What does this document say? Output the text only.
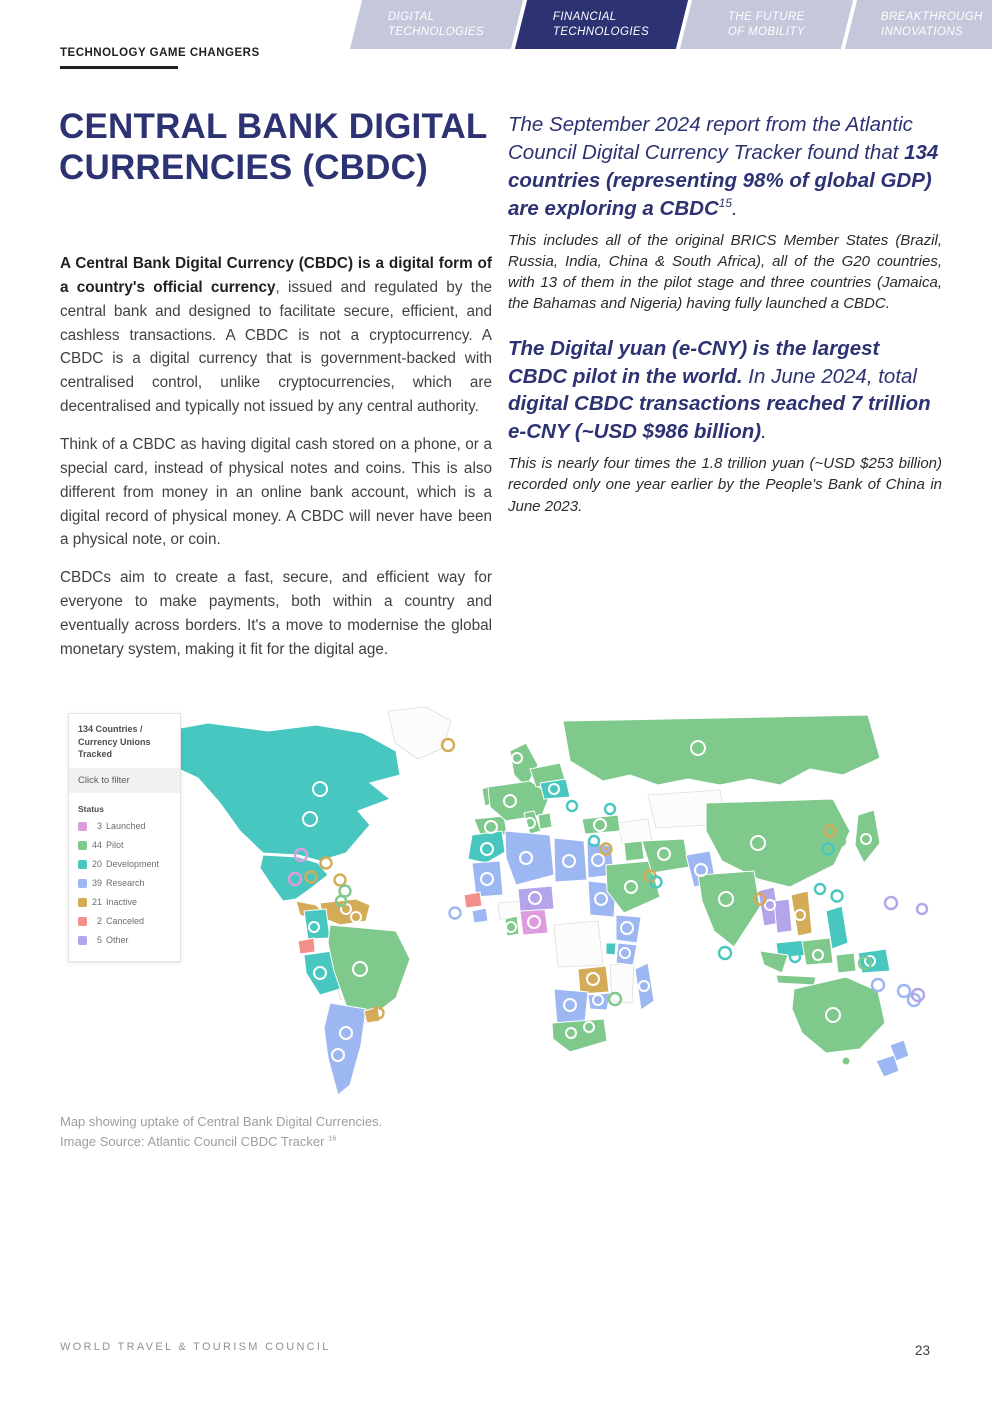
DIGITAL
TECHNOLOGIES
FINANCIAL
TECHNOLOGIES
THE FUTURE
OF MOBILITY
BREAKTHROUGH
INNOVATIONS
TECHNOLOGY GAME CHANGERS
CENTRAL BANK DIGITAL CURRENCIES (CBDC)

A Central Bank Digital Currency (CBDC) is a digital form of a country's official currency, issued and regulated by the central bank and designed to facilitate secure, efficient, and cashless transactions. A CBDC is not a cryptocurrency. A CBDC is a digital currency that is government-backed with centralised control, unlike cryptocurrencies, which are decentralised and typically not issued by any central authority.

Think of a CBDC as having digital cash stored on a phone, or a special card, instead of physical notes and coins. This is also different from money in an online bank account, which is a digital record of physical money. A CBDC will never have been a physical note, or coin.

CBDCs aim to create a fast, secure, and efficient way for everyone to make payments, both within a country and eventually across borders. It's a move to modernise the global monetary system, making it fit for the digital age.

The September 2024 report from the Atlantic Council Digital Currency Tracker found that 134 countries (representing 98% of global GDP) are exploring a CBDC$^{15}$.

This includes all of the original BRICS Member States (Brazil, Russia, India, China & South Africa), all of the G20 countries, with 13 of them in the pilot stage and three countries (Jamaica, the Bahamas and Nigeria) having fully launched a CBDC.

The Digital yuan (e-CNY) is the largest CBDC pilot in the world. In June 2024, total digital CBDC transactions reached 7 trillion e-CNY (~USD $986 billion).

This is nearly four times the 1.8 trillion yuan (~USD $253 billion) recorded only one year earlier by the People's Bank of China in June 2023.

134 Countries / Currency Unions Tracked
Click to filter
Status
3 Launched
44 Pilot
20 Development
39 Research
21 Inactive
2 Canceled
5 Other
Map showing uptake of Central Bank Digital Currencies.
Image Source: Atlantic Council CBDC Tracker $^{16}$
WORLD TRAVEL & TOURISM COUNCIL	23
